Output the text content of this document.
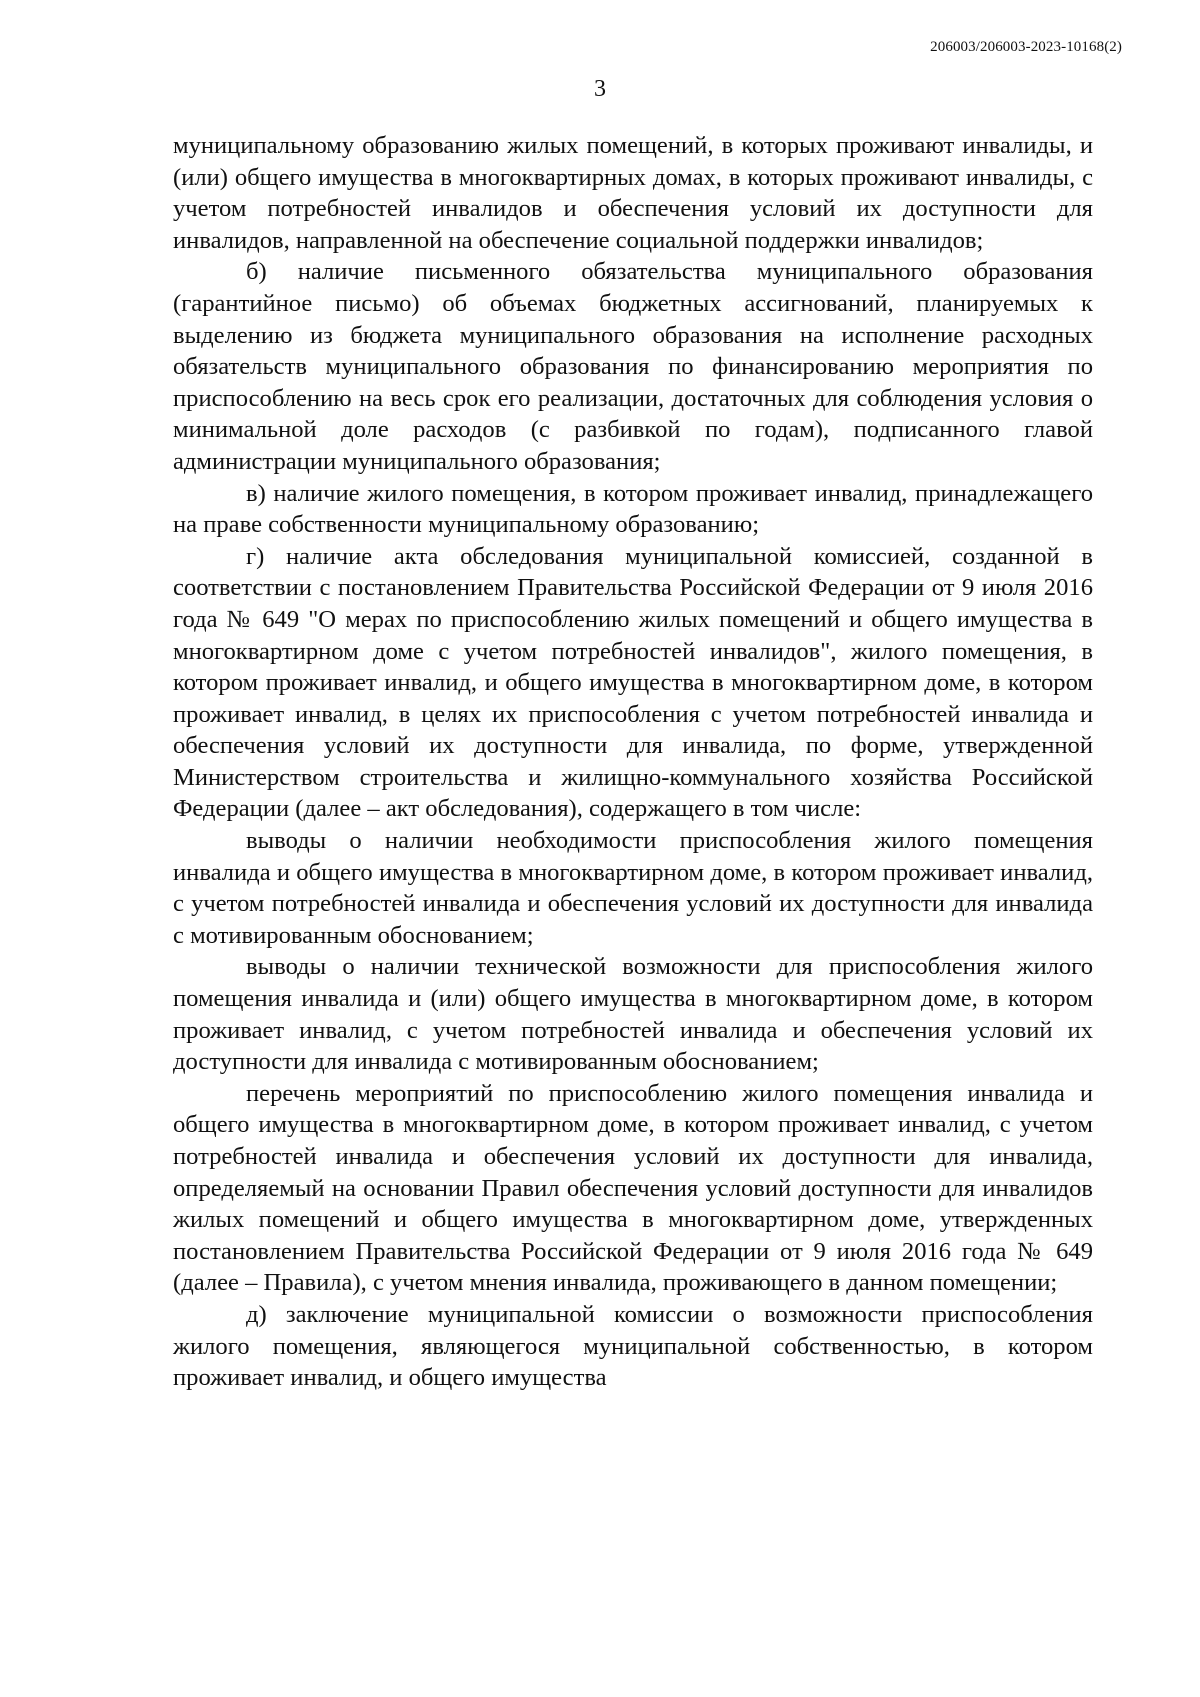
206003/206003-2023-10168(2)
3

муниципальному образованию жилых помещений, в которых проживают инвалиды, и (или) общего имущества в многоквартирных домах, в которых проживают инвалиды, с учетом потребностей инвалидов и обеспечения условий их доступности для инвалидов, направленной на обеспечение социальной поддержки инвалидов;

б) наличие письменного обязательства муниципального образования (гарантийное письмо) об объемах бюджетных ассигнований, планируемых к выделению из бюджета муниципального образования на исполнение расходных обязательств муниципального образования по финансированию мероприятия по приспособлению на весь срок его реализации, достаточных для соблюдения условия о минимальной доле расходов (с разбивкой по годам), подписанного главой администрации муниципального образования;

в) наличие жилого помещения, в котором проживает инвалид, принадлежащего на праве собственности муниципальному образованию;

г) наличие акта обследования муниципальной комиссией, созданной в соответствии с постановлением Правительства Российской Федерации от 9 июля 2016 года № 649 "О мерах по приспособлению жилых помещений и общего имущества в многоквартирном доме с учетом потребностей инвалидов", жилого помещения, в котором проживает инвалид, и общего имущества в многоквартирном доме, в котором проживает инвалид, в целях их приспособления с учетом потребностей инвалида и обеспечения условий их доступности для инвалида, по форме, утвержденной Министерством строительства и жилищно-коммунального хозяйства Российской Федерации (далее – акт обследования), содержащего в том числе:

выводы о наличии необходимости приспособления жилого помещения инвалида и общего имущества в многоквартирном доме, в котором проживает инвалид, с учетом потребностей инвалида и обеспечения условий их доступности для инвалида с мотивированным обоснованием;

выводы о наличии технической возможности для приспособления жилого помещения инвалида и (или) общего имущества в многоквартирном доме, в котором проживает инвалид, с учетом потребностей инвалида и обеспечения условий их доступности для инвалида с мотивированным обоснованием;

перечень мероприятий по приспособлению жилого помещения инвалида и общего имущества в многоквартирном доме, в котором проживает инвалид, с учетом потребностей инвалида и обеспечения условий их доступности для инвалида, определяемый на основании Правил обеспечения условий доступности для инвалидов жилых помещений и общего имущества в многоквартирном доме, утвержденных постановлением Правительства Российской Федерации от 9 июля 2016 года № 649 (далее – Правила), с учетом мнения инвалида, проживающего в данном помещении;

д) заключение муниципальной комиссии о возможности приспособления жилого помещения, являющегося муниципальной собственностью, в котором проживает инвалид, и общего имущества
